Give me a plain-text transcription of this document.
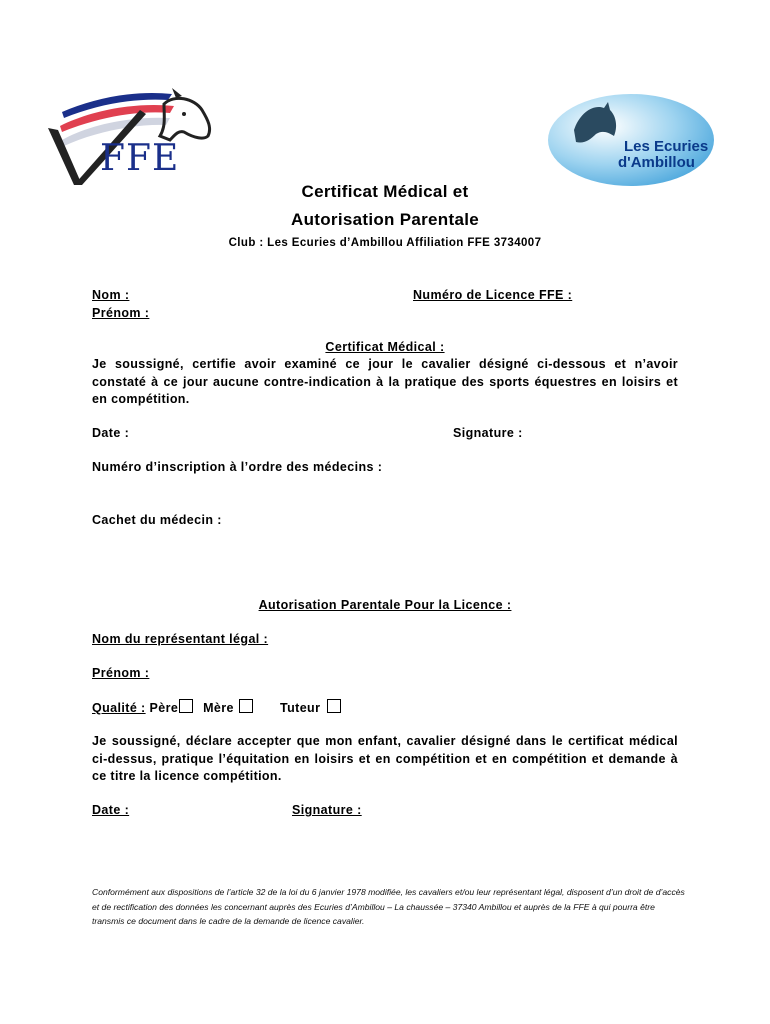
FFE	Les Ecuries
d'Ambillou
Certificat Médical et
Autorisation Parentale
Club : Les Ecuries d’Ambillou Affiliation FFE 3734007
Nom :	Numéro de Licence FFE :
Prénom :
Certificat Médical :
Je soussigné, certifie avoir examiné ce jour le cavalier désigné ci-dessous et n’avoir constaté à ce jour aucune contre-indication à la pratique des sports équestres en loisirs et en compétition.
Date :	Signature :
Numéro d’inscription à l’ordre des médecins :
Cachet du médecin :
Autorisation Parentale Pour la Licence :
Nom du représentant légal :
Prénom :
Qualité : Père Mère	Tuteur
Je soussigné, déclare accepter que mon enfant, cavalier désigné dans le certificat médical ci-dessus, pratique l’équitation en loisirs et en compétition et en compétition et demande à ce titre la licence compétition.
Date :	Signature :
Conformément aux dispositions de l’article 32 de la loi du 6 janvier 1978 modifiée, les cavaliers et/ou leur représentant légal, disposent d’un droit de d’accès et de rectification des données les concernant auprès des Ecuries d’Ambillou – La chaussée – 37340 Ambillou et auprès de la FFE à qui pourra être transmis ce document dans le cadre de la demande de licence cavalier.
